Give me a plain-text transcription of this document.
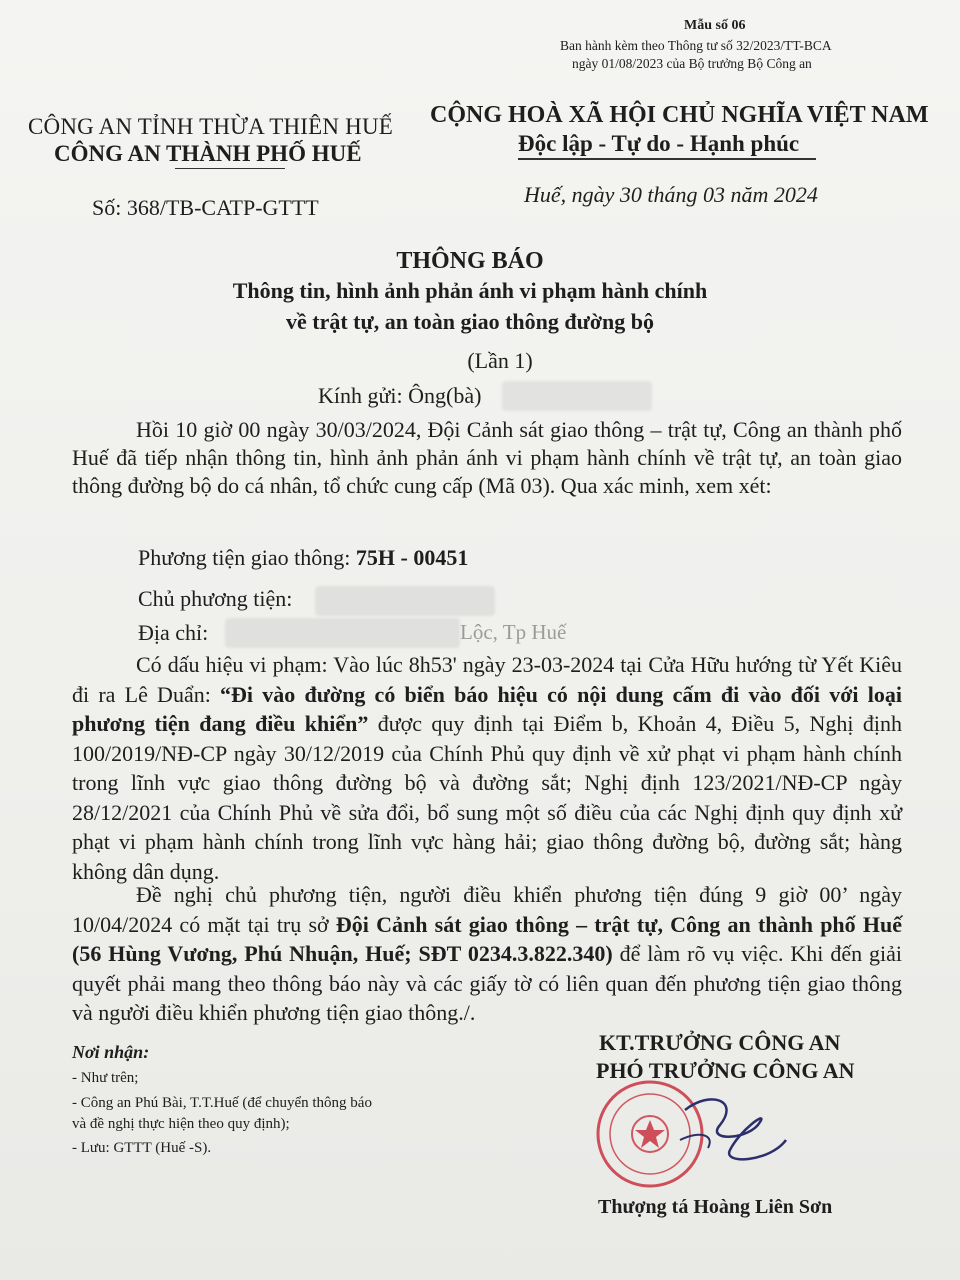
Mẫu số 06
Ban hành kèm theo Thông tư số 32/2023/TT-BCA
ngày 01/08/2023 của Bộ trưởng Bộ Công an
CÔNG AN TỈNH THỪA THIÊN HUẾ
CÔNG AN THÀNH PHỐ HUẾ
Số: 368/TB-CATP-GTTT
CỘNG HOÀ XÃ HỘI CHỦ NGHĨA VIỆT NAM
Độc lập - Tự do - Hạnh phúc
Huế, ngày 30 tháng 03 năm 2024
THÔNG BÁO
Thông tin, hình ảnh phản ánh vi phạm hành chính
về trật tự, an toàn giao thông đường bộ
(Lần 1)
Kính gửi: Ông(bà)
Hồi 10 giờ 00 ngày 30/03/2024, Đội Cảnh sát giao thông – trật tự, Công an thành phố Huế đã tiếp nhận thông tin, hình ảnh phản ánh vi phạm hành chính về trật tự, an toàn giao thông đường bộ do cá nhân, tổ chức cung cấp (Mã 03). Qua xác minh, xem xét:
Phương tiện giao thông: 75H - 00451
Chủ phương tiện:
Địa chỉ:	Lộc, Tp Huế
Có dấu hiệu vi phạm: Vào lúc 8h53' ngày 23-03-2024 tại Cửa Hữu hướng từ Yết Kiêu đi ra Lê Duẩn: “Đi vào đường có biển báo hiệu có nội dung cấm đi vào đối với loại phương tiện đang điều khiển” được quy định tại Điểm b, Khoản 4, Điều 5, Nghị định 100/2019/NĐ-CP ngày 30/12/2019 của Chính Phủ quy định về xử phạt vi phạm hành chính trong lĩnh vực giao thông đường bộ và đường sắt; Nghị định 123/2021/NĐ-CP ngày 28/12/2021 của Chính Phủ về sửa đổi, bổ sung một số điều của các Nghị định quy định xử phạt vi phạm hành chính trong lĩnh vực hàng hải; giao thông đường bộ, đường sắt; hàng không dân dụng.
Đề nghị chủ phương tiện, người điều khiển phương tiện đúng 9 giờ 00’ ngày 10/04/2024 có mặt tại trụ sở Đội Cảnh sát giao thông – trật tự, Công an thành phố Huế (56 Hùng Vương, Phú Nhuận, Huế; SĐT 0234.3.822.340) để làm rõ vụ việc. Khi đến giải quyết phải mang theo thông báo này và các giấy tờ có liên quan đến phương tiện giao thông và người điều khiển phương tiện giao thông./.
Nơi nhận:
- Như trên;
- Công an Phú Bài, T.T.Huế (để chuyển thông báo
và đề nghị thực hiện theo quy định);
- Lưu: GTTT (Huế -S).
KT.TRƯỞNG CÔNG AN
PHÓ TRƯỞNG CÔNG AN
Thượng tá Hoàng Liên Sơn
